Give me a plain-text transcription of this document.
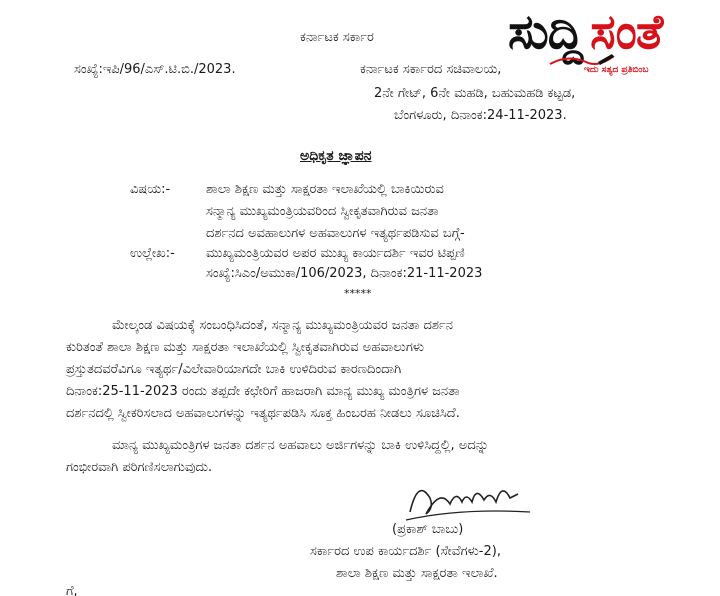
ಕರ್ನಾಟಕ ಸರ್ಕಾರ
ಸಂಖ್ಯೆ:ಇಪಿ/96/ಎಸ್.ಟಿ.ಬಿ./2023.	ಕರ್ನಾಟಕ ಸರ್ಕಾರದ ಸಚಿವಾಲಯ,
2ನೇ ಗೇಟ್, 6ನೇ ಮಹಡಿ, ಬಹುಮಹಡಿ ಕಟ್ಟಡ,
ಬೆಂಗಳೂರು, ದಿನಾಂಕ:24-11-2023.
ಸುದ್ದಿ ಸಂತೆ
ಇದು ಸತ್ಯದ ಪ್ರತಿಬಿಂಬ
ಅಧಿಕೃತ ಜ್ಞಾಪನ
ವಿಷಯ:-	ಶಾಲಾ ಶಿಕ್ಷಣ ಮತ್ತು ಸಾಕ್ಷರತಾ ಇಲಾಖೆಯಲ್ಲಿ ಬಾಕಿಯಿರುವ
ಸನ್ಮಾನ್ಯ ಮುಖ್ಯಮಂತ್ರಿಯವರಿಂದ ಸ್ವೀಕೃತವಾಗಿರುವ ಜನತಾ
ದರ್ಶನದ ಅವಹಾಲುಗಳ ಅಹವಾಲುಗಳ ಇತ್ಯರ್ಥಪಡಿಸುವ ಬಗ್ಗೆ-
ಉಲ್ಲೇಖ:- ಮುಖ್ಯಮಂತ್ರಿಯವರ ಅಪರ ಮುಖ್ಯ ಕಾರ್ಯದರ್ಶಿ ಇವರ ಟಿಪ್ಪಣಿ
ಸಂಖ್ಯೆ:ಸಿಎಂ/ಅಮುಕಾ/106/2023, ದಿನಾಂಕ:21-11-2023
*****
ಮೇಲ್ಕಂಡ ವಿಷಯಕ್ಕೆ ಸಂಬಂಧಿಸಿದಂತೆ, ಸನ್ಮಾನ್ಯ ಮುಖ್ಯಮಂತ್ರಿಯವರ ಜನತಾ ದರ್ಶನ
ಕುರಿತಂತೆ ಶಾಲಾ ಶಿಕ್ಷಣ ಮತ್ತು ಸಾಕ್ಷರತಾ ಇಲಾಖೆಯಲ್ಲಿ ಸ್ವೀಕೃತವಾಗಿರುವ ಅಹವಾಲುಗಳು
ಪ್ರಸ್ತುತದವರೆವಿಗೂ ಇತ್ಯರ್ಥ/ವಿಲೇವಾರಿಯಾಗದೇ ಬಾಕಿ ಉಳಿದಿರುವ ಕಾರಣದಿಂದಾಗಿ
ದಿನಾಂಕ:25-11-2023 ರಂದು ತಪ್ಪದೇ ಕಛೇರಿಗೆ ಹಾಜರಾಗಿ ಮಾನ್ಯ ಮುಖ್ಯ ಮಂತ್ರಿಗಳ ಜನತಾ
ದರ್ಶನದಲ್ಲಿ ಸ್ವೀಕರಿಸಲಾದ ಅಹವಾಲುಗಳನ್ನು ಇತ್ಯರ್ಥಪಡಿಸಿ ಸೂಕ್ತ ಹಿಂಬರಹ ನೀಡಲು ಸೂಚಿಸಿದೆ.
ಮಾನ್ಯ ಮುಖ್ಯಮಂತ್ರಿಗಳ ಜನತಾ ದರ್ಶನ ಅಹವಾಲು ಅರ್ಜಿಗಳನ್ನು ಬಾಕಿ ಉಳಿಸಿದ್ದಲ್ಲಿ, ಅದನ್ನು
ಗಂಭೀರವಾಗಿ ಪರಿಗಣಿಸಲಾಗುವುದು.
(ಪ್ರಕಾಶ್ ಬಾಬು)
ಸರ್ಕಾರದ ಉಪ ಕಾರ್ಯದರ್ಶಿ (ಸೇವೆಗಳು-2),
ಶಾಲಾ ಶಿಕ್ಷಣ ಮತ್ತು ಸಾಕ್ಷರತಾ ಇಲಾಖೆ.
ಗೆ,
